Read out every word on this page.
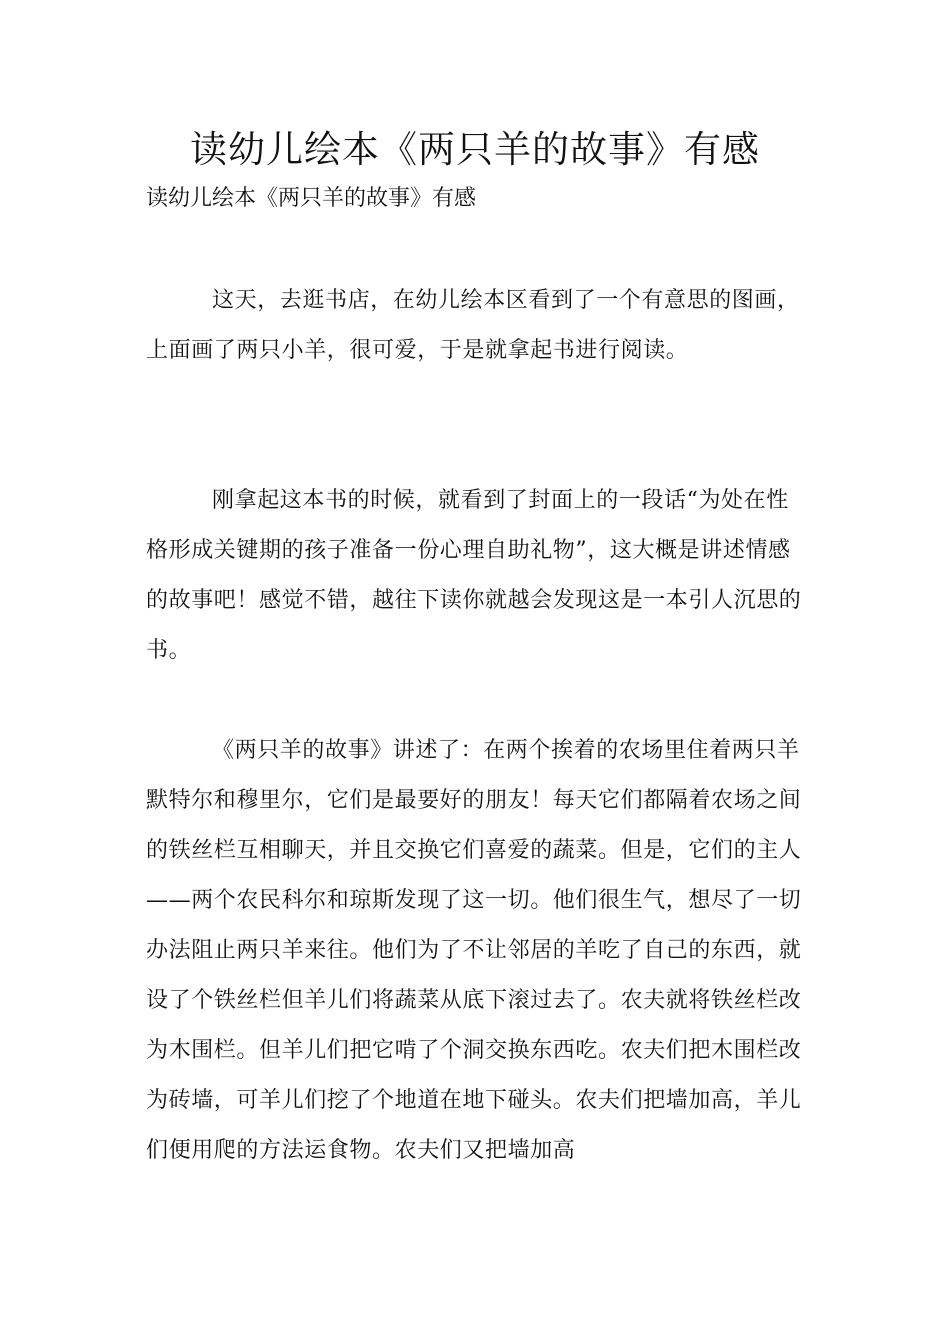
读幼儿绘本《两只羊的故事》有感

读幼儿绘本《两只羊的故事》有感

这天，去逛书店，在幼儿绘本区看到了一个有意思的图画，上面画了两只小羊，很可爱，于是就拿起书进行阅读。

刚拿起这本书的时候，就看到了封面上的一段话“为处在性格形成关键期的孩子准备一份心理自助礼物”，这大概是讲述情感的故事吧！感觉不错，越往下读你就越会发现这是一本引人沉思的书。

《两只羊的故事》讲述了：在两个挨着的农场里住着两只羊默特尔和穆里尔，它们是最要好的朋友！每天它们都隔着农场之间的铁丝栏互相聊天，并且交换它们喜爱的蔬菜。但是，它们的主人——两个农民科尔和琼斯发现了这一切。他们很生气，想尽了一切办法阻止两只羊来往。他们为了不让邻居的羊吃了自己的东西，就设了个铁丝栏但羊儿们将蔬菜从底下滚过去了。农夫就将铁丝栏改为木围栏。但羊儿们把它啃了个洞交换东西吃。农夫们把木围栏改为砖墙，可羊儿们挖了个地道在地下碰头。农夫们把墙加高，羊儿们便用爬的方法运食物。农夫们又把墙加高
